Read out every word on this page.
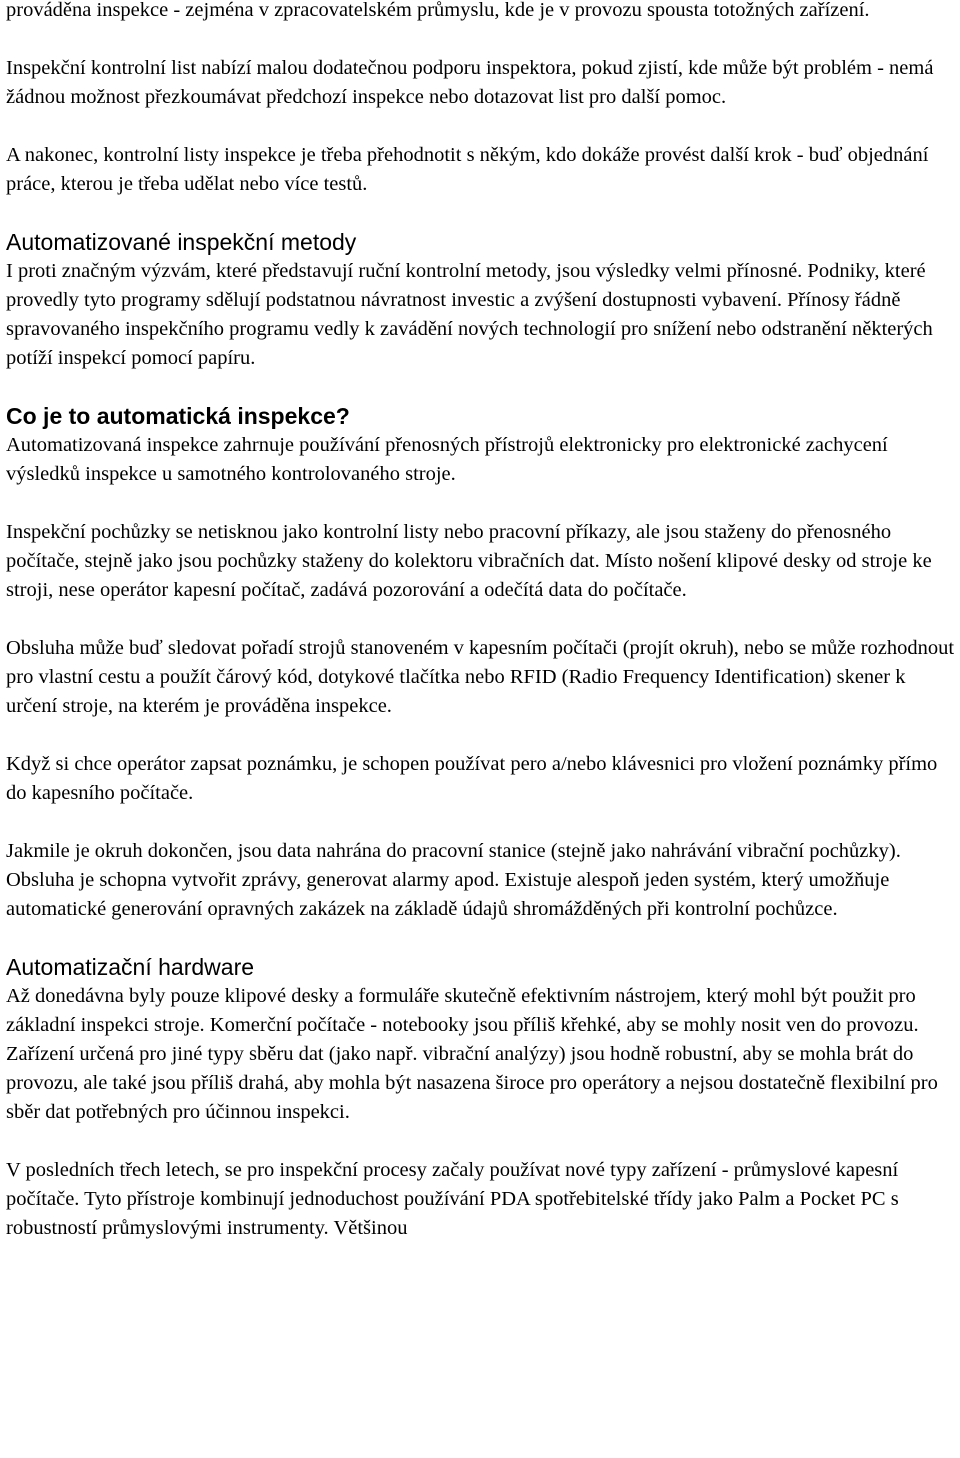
prováděna inspekce - zejména v zpracovatelském průmyslu, kde je v provozu spousta totožných zařízení.

Inspekční kontrolní list nabízí malou dodatečnou podporu inspektora, pokud zjistí, kde může být problém - nemá žádnou možnost přezkoumávat předchozí inspekce nebo dotazovat list pro další pomoc.

A nakonec, kontrolní listy inspekce je třeba přehodnotit s někým, kdo dokáže provést další krok - buď objednání práce, kterou je třeba udělat nebo více testů.

Automatizované inspekční metody

I proti značným výzvám, které představují ruční kontrolní metody, jsou výsledky velmi přínosné. Podniky, které provedly tyto programy sdělují podstatnou návratnost investic a zvýšení dostupnosti vybavení. Přínosy řádně spravovaného inspekčního programu vedly k zavádění nových technologií pro snížení nebo odstranění některých potíží inspekcí pomocí papíru.

Co je to automatická inspekce?

Automatizovaná inspekce zahrnuje používání přenosných přístrojů elektronicky pro elektronické zachycení výsledků inspekce u samotného kontrolovaného stroje.

Inspekční pochůzky se netisknou jako kontrolní listy nebo pracovní příkazy, ale jsou staženy do přenosného počítače, stejně jako jsou pochůzky staženy do kolektoru vibračních dat. Místo nošení klipové desky od stroje ke stroji, nese operátor kapesní počítač, zadává pozorování a odečítá data do počítače.

Obsluha může buď sledovat pořadí strojů stanoveném v kapesním počítači (projít okruh), nebo se může rozhodnout pro vlastní cestu a použít čárový kód, dotykové tlačítka nebo RFID (Radio Frequency Identification) skener k určení stroje, na kterém je prováděna inspekce.

Když si chce operátor zapsat poznámku, je schopen používat pero a/nebo klávesnici pro vložení poznámky přímo do kapesního počítače.

Jakmile je okruh dokončen, jsou data nahrána do pracovní stanice (stejně jako nahrávání vibrační pochůzky). Obsluha je schopna vytvořit zprávy, generovat alarmy apod. Existuje alespoň jeden systém, který umožňuje automatické generování opravných zakázek na základě údajů shromážděných při kontrolní pochůzce.

Automatizační hardware

Až donedávna byly pouze klipové desky a formuláře skutečně efektivním nástrojem, který mohl být použit pro základní inspekci stroje. Komerční počítače - notebooky jsou příliš křehké, aby se mohly nosit ven do provozu. Zařízení určená pro jiné typy sběru dat (jako např. vibrační analýzy) jsou hodně robustní, aby se mohla brát do provozu, ale také jsou příliš drahá, aby mohla být nasazena široce pro operátory a nejsou dostatečně flexibilní pro sběr dat potřebných pro účinnou inspekci.

V posledních třech letech, se pro inspekční procesy začaly používat nové typy zařízení - průmyslové kapesní počítače. Tyto přístroje kombinují jednoduchost používání PDA spotřebitelské třídy jako Palm a Pocket PC s robustností průmyslovými instrumenty. Většinou
